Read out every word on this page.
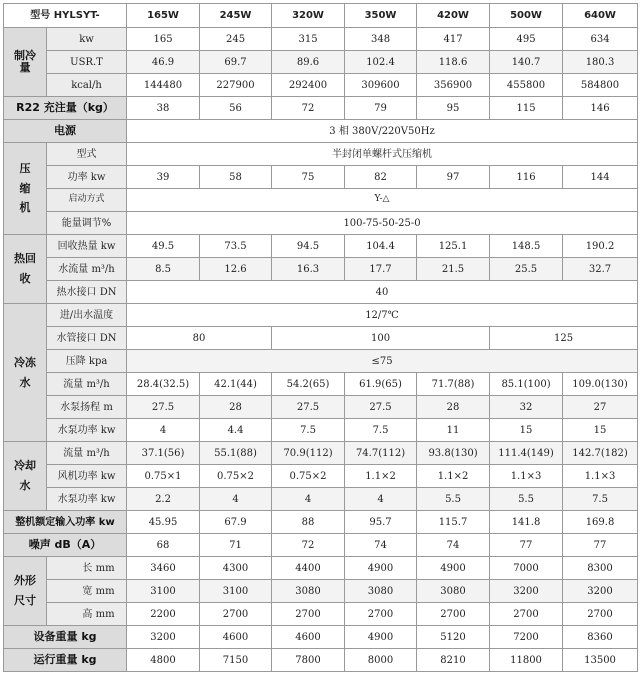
型号 HYLSYT-		165W	245W	320W	350W	420W	500W	640W

制冷量	kw	165	245	315	348	417	495	634
	USR.T	46.9	69.7	89.6	102.4	118.6	140.7	180.3
	kcal/h	144480	227900	292400	309600	356900	455800	584800
R22 充注量（kg）		38	56	72	79	95	115	146
电源		3 相 380V/220V50Hz						

压缩机	型式	半封闭单螺杆式压缩机						
	功率 kw	39	58	75	82	97	116	144
	启动方式	Y-△						
	能量调节%	100-75-50-25-0						

热回收	回收热量 kw	49.5	73.5	94.5	104.4	125.1	148.5	190.2
	水流量 m³/h	8.5	12.6	16.3	17.7	21.5	25.5	32.7
	热水接口 DN	40						

冷冻水	进/出水温度	12/7℃						
	水管接口 DN	80		100			125	
	压降 kpa	≤75						
	流量 m³/h	28.4(32.5)	42.1(44)	54.2(65)	61.9(65)	71.7(88)	85.1(100)	109.0(130)
	水泵扬程 m	27.5	28	27.5	27.5	28	32	27
	水泵功率 kw	4	4.4	7.5	7.5	11	15	15

冷却水	流量 m³/h	37.1(56)	55.1(88)	70.9(112)	74.7(112)	93.8(130)	111.4(149)	142.7(182)
	风机功率 kw	0.75×1	0.75×2	0.75×2	1.1×2	1.1×2	1.1×3	1.1×3
	水泵功率 kw	2.2	4	4	4	5.5	5.5	7.5
整机额定输入功率 kw		45.95	67.9	88	95.7	115.7	141.8	169.8
噪声 dB（A）		68	71	72	74	74	77	77

外形尺寸	长 mm	3460	4300	4400	4900	4900	7000	8300
	宽 mm	3100	3100	3080	3080	3080	3200	3200
	高 mm	2200	2700	2700	2700	2700	2700	2700
设备重量 kg		3200	4600	4600	4900	5120	7200	8360
运行重量 kg		4800	7150	7800	8000	8210	11800	13500
